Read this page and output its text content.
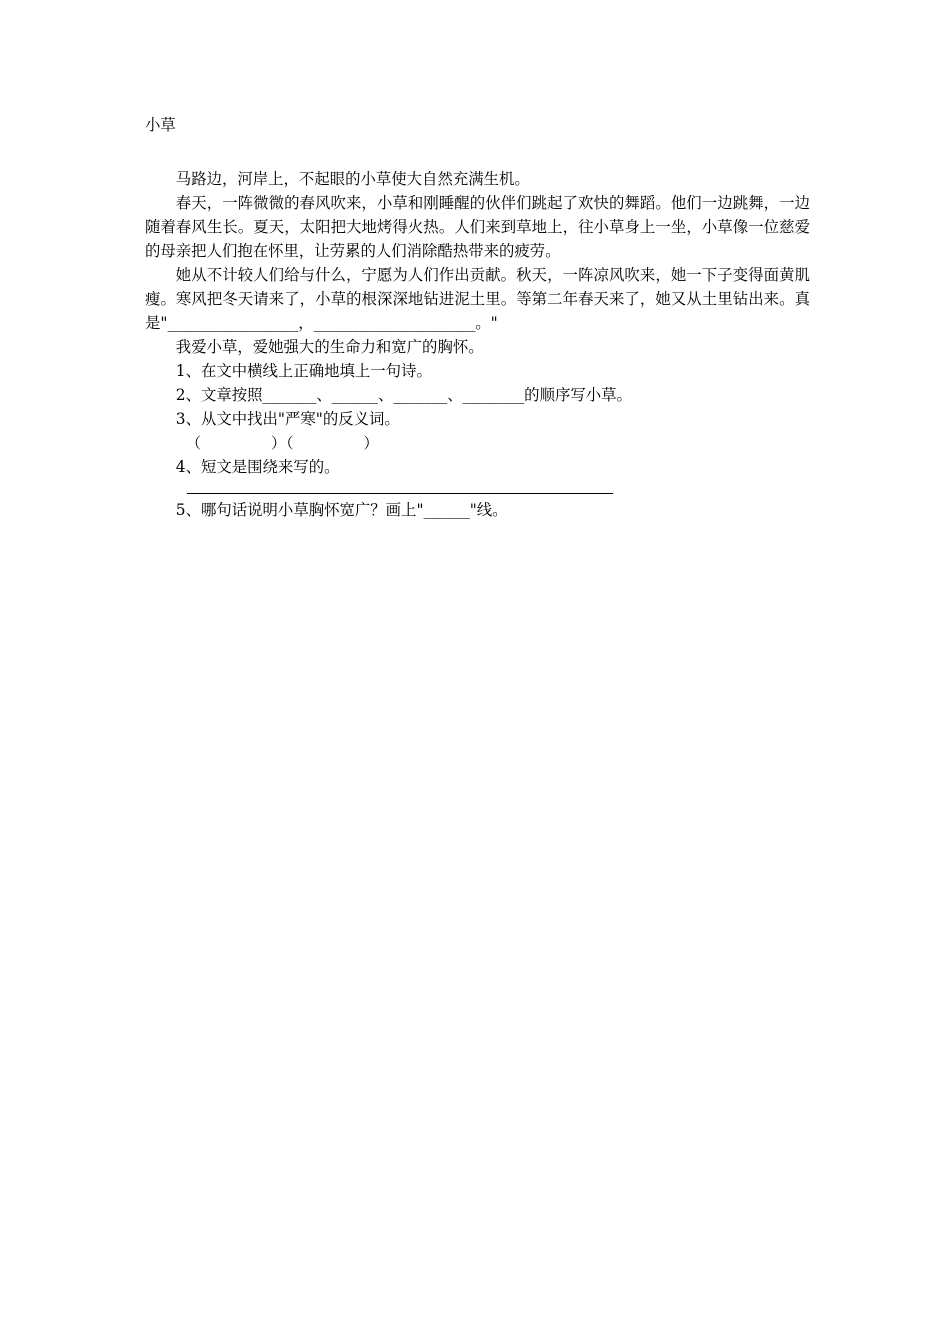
小草

马路边，河岸上，不起眼的小草使大自然充满生机。

春天，一阵微微的春风吹来，小草和刚睡醒的伙伴们跳起了欢快的舞蹈。他们一边跳舞，一边随着春风生长。夏天，太阳把大地烤得火热。人们来到草地上，往小草身上一坐，小草像一位慈爱的母亲把人们抱在怀里，让劳累的人们消除酷热带来的疲劳。

她从不计较人们给与什么，宁愿为人们作出贡献。秋天，一阵凉风吹来，她一下子变得面黄肌瘦。寒风把冬天请来了，小草的根深深地钻进泥土里。等第二年春天来了，她又从土里钻出来。真是"_________________，_____________________。"

我爱小草，爱她强大的生命力和宽广的胸怀。

1、在文中横线上正确地填上一句诗。

2、文章按照_______、______、_______、________的顺序写小草。

3、从文中找出"严寒"的反义词。

（	）（	）

4、短文是围绕来写的。

5、哪句话说明小草胸怀宽广？画上"______"线。
